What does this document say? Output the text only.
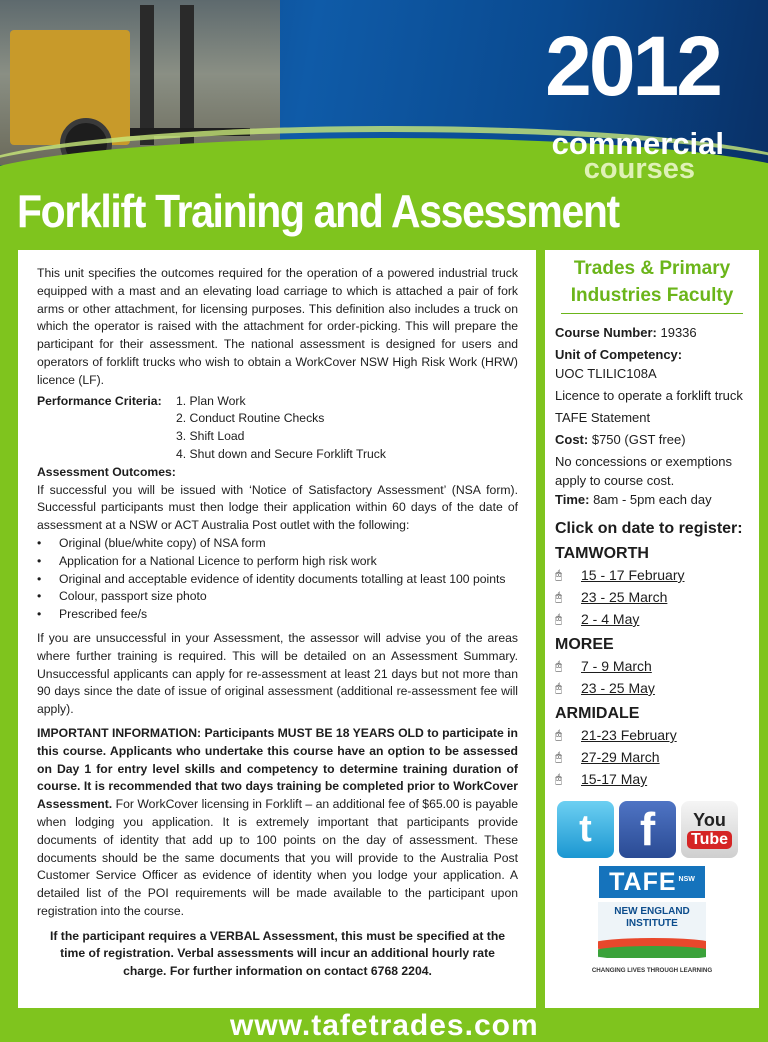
2012
commercial
courses
Forklift Training and Assessment

This unit specifies the outcomes required for the operation of a powered industrial truck equipped with a mast and an elevating load carriage to which is attached a pair of fork arms or other attachment, for licensing purposes. This definition also includes a truck on which the operator is raised with the attachment for order-picking. This will prepare the participant for their assessment. The national assessment is designed for users and operators of forklift trucks who wish to obtain a WorkCover NSW High Risk Work (HRW) licence (LF).

Performance Criteria:	1. Plan Work
2. Conduct Routine Checks
3. Shift Load
4. Shut down and Secure Forklift Truck
Assessment Outcomes:

If successful you will be issued with ‘Notice of Satisfactory Assessment’ (NSA form). Successful participants must then lodge their application within 60 days of the date of assessment at a NSW or ACT Australia Post outlet with the following:

• Original (blue/white copy) of NSA form
• Application for a National Licence to perform high risk work
• Original and acceptable evidence of identity documents totalling at least 100 points
• Colour, passport size photo
• Prescribed fee/s

If you are unsuccessful in your Assessment, the assessor will advise you of the areas where further training is required. This will be detailed on an Assessment Summary. Unsuccessful applicants can apply for re-assessment at least 21 days but not more than 90 days since the date of issue of original assessment (additional re-assessment fee will apply).

IMPORTANT INFORMATION: Participants MUST BE 18 YEARS OLD to participate in this course. Applicants who undertake this course have an option to be assessed on Day 1 for entry level skills and competency to determine training duration of course. It is recommended that two days training be completed prior to WorkCover Assessment. For WorkCover licensing in Forklift – an additional fee of $65.00 is payable when lodging you application. It is extremely important that participants provide documents of identity that add up to 100 points on the day of assessment. These documents should be the same documents that you will provide to the Australia Post Customer Service Officer as evidence of identity when you lodge your application. A detailed list of the POI requirements will be made available to the participant upon registration into the course.

If the participant requires a VERBAL Assessment, this must be specified at the time of registration. Verbal assessments will incur an additional hourly rate charge. For further information on contact 6768 2204.
Trades & Primary Industries Faculty
Course Number: 19336
Unit of Competency:
UOC TLILIC108A
Licence to operate a forklift truck
TAFE Statement
Cost: $750 (GST free)
No concessions or exemptions apply to course cost.
Time: 8am - 5pm each day
Click on date to register:
TAMWORTH
🖰	15 - 17 February
🖰	23 - 25 March
🖰	2 - 4 May
MOREE
🖰	7 - 9 March
🖰	23 - 25 May
ARMIDALE
🖰	21-23 February
🖰	27-29 March
🖰	15-17 May
t	f	You
Tube
TAFE NSW
NEW ENGLAND
INSTITUTE
CHANGING LIVES THROUGH LEARNING
www.tafetrades.com
